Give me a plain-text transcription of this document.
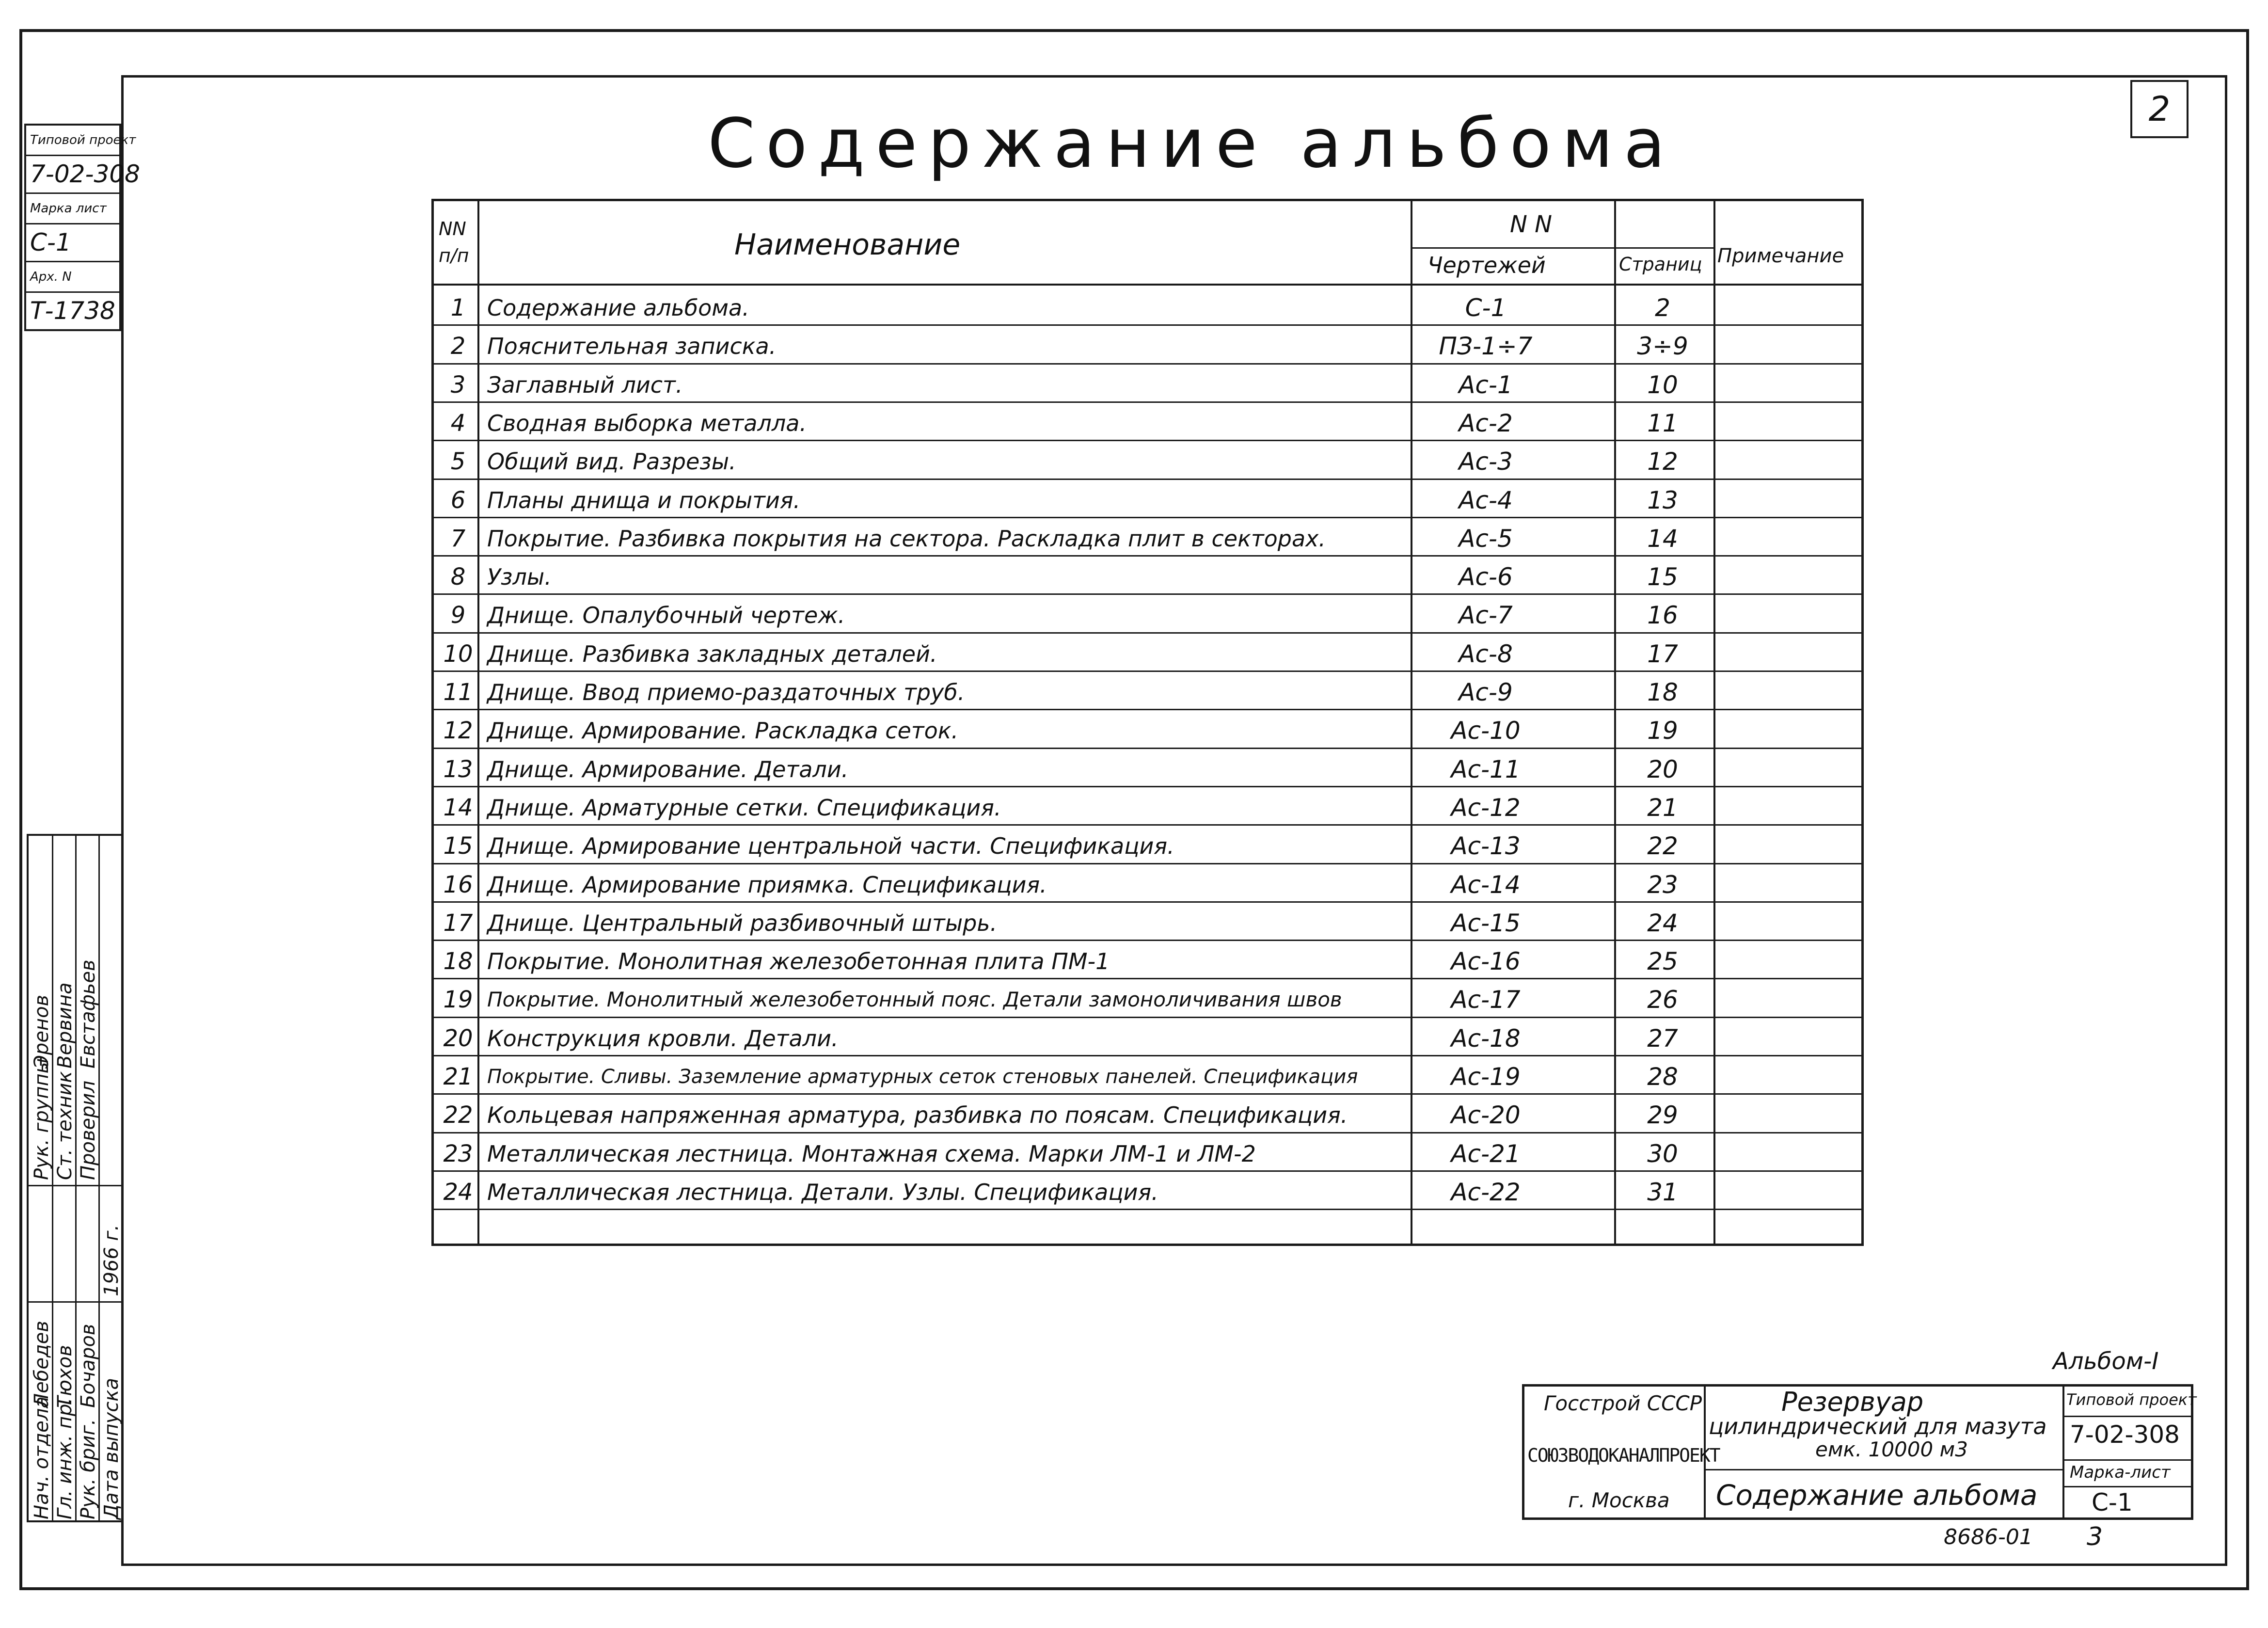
2
Содержание альбома
Типовой проект
7-02-308
Марка лист
С-1
Арх. N
Т-1738
Нач. отдела Гл. инж. пр. Рук. бриг. Дата выпуска
Лебедев Тюхов Бочаров
1966 г.
Рук. группы Ст. техник Проверил
Эренов Вервина Евстафьев
NN п/п	Наименование
N N
Чертежей	Страниц Примечание
1 Содержание альбома.	С-1	2
2 Пояснительная записка.	ПЗ-1÷7	3÷9
3 Заглавный лист.	Ас-1	10
4 Сводная выборка металла.	Ас-2	11
5 Общий вид. Разрезы.	Ас-3	12
6 Планы днища и покрытия.	Ас-4	13
7 Покрытие. Разбивка покрытия на сектора. Раскладка плит в секторах.	Ас-5	14
8 Узлы.	Ас-6	15
9 Днище. Опалубочный чертеж.	Ас-7	16
10 Днище. Разбивка закладных деталей.	Ас-8	17
11 Днище. Ввод приемо-раздаточных труб.	Ас-9	18
12 Днище. Армирование. Раскладка сеток.	Ас-10	19
13 Днище. Армирование. Детали.	Ас-11	20
14 Днище. Арматурные сетки. Спецификация.	Ас-12	21
15 Днище. Армирование центральной части. Спецификация.	Ас-13	22
16 Днище. Армирование приямка. Спецификация.	Ас-14	23
17 Днище. Центральный разбивочный штырь.	Ас-15	24
18 Покрытие. Монолитная железобетонная плита ПМ-1	Ас-16	25
19 Покрытие. Монолитный железобетонный пояс. Детали замоноличивания швов	Ас-17	26
20 Конструкция кровли. Детали.	Ас-18	27
21 Покрытие. Сливы. Заземление арматурных сеток стеновых панелей. Спецификация	Ас-19	28
22 Кольцевая напряженная арматура, разбивка по поясам. Спецификация.	Ас-20	29
23 Металлическая лестница. Монтажная схема. Марки ЛМ-1 и ЛМ-2	Ас-21	30
24 Металлическая лестница. Детали. Узлы. Спецификация.	Ас-22	31
Альбом-I
Госстрой СССР
СОЮЗВОДОКАНАЛПРОЕКТ
г. Москва
Резервуар
цилиндрический для мазута
емк. 10000 м3
Содержание альбома
Типовой проект
7-02-308
Марка-лист
С-1
8686-01 3
